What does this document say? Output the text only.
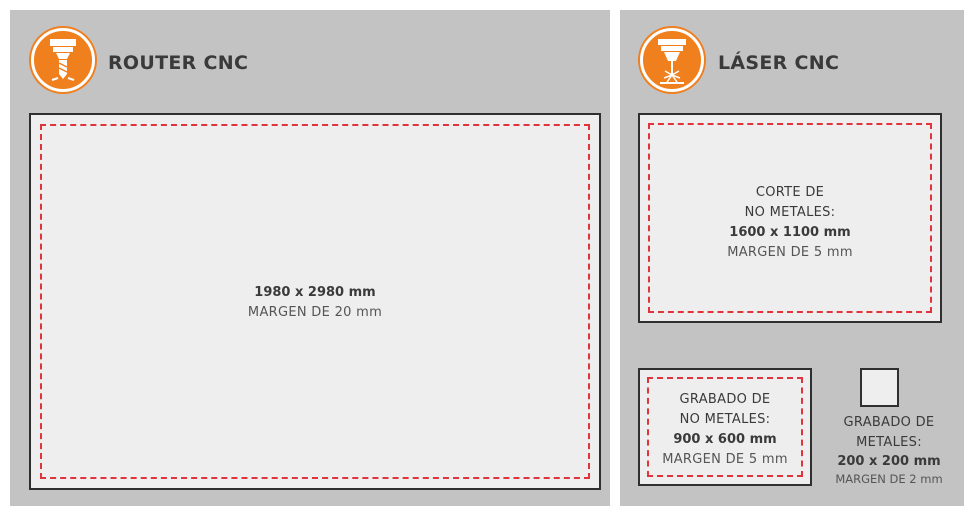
ROUTER CNC
1980 x 2980 mm
MARGEN DE 20 mm
LÁSER CNC
CORTE DE
NO METALES:
1600 x 1100 mm
MARGEN DE 5 mm
GRABADO DE
NO METALES:
900 x 600 mm
MARGEN DE 5 mm
GRABADO DE
METALES:
200 x 200 mm
MARGEN DE 2 mm
